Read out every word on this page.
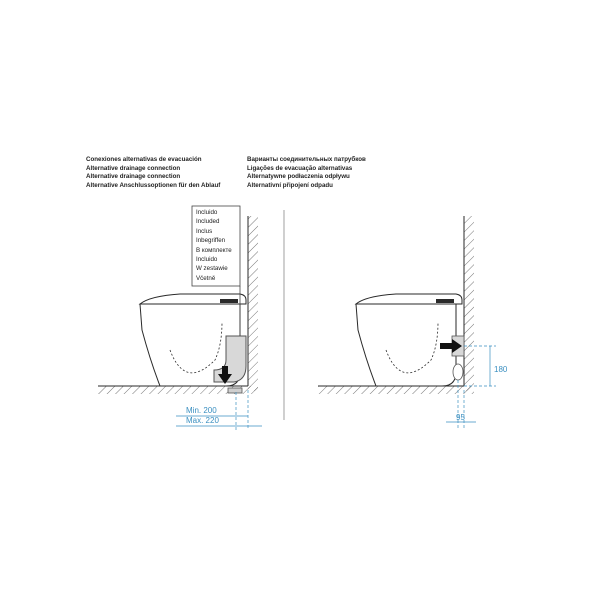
Conexiones alternativas de evacuación
Alternative drainage connection
Alternative drainage connection
Alternative Anschlussoptionen für den Ablauf
Варианты соединительных патрубков
Ligações de evacuação alternativas
Alternatywne podłaczenia odpływu
Alternativní připojení odpadu
Min. 200
Max. 220
180
95
Incluido
Included
Inclus
Inbegriffen
В комплекте
Incluido
W zestawie
Včetně
